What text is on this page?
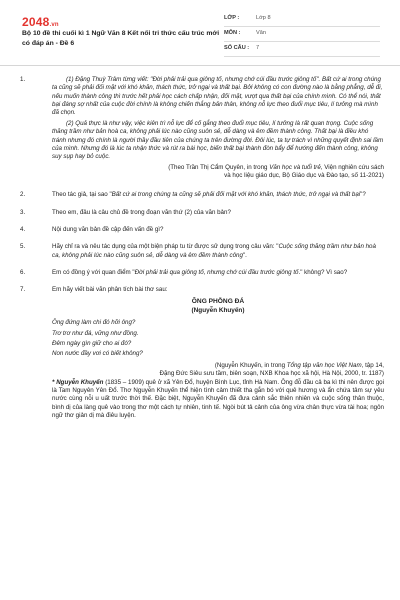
2048.vn
Bộ 10 đề thi cuối kì 1 Ngữ Văn 8 Kết nối tri thức cấu trúc mới có đáp án - Đề 6
LỚP :	Lớp 8
MÔN :	Văn
SỐ CÂU :	7
1.	(1) Đặng Thuỳ Trâm từng viết: "Đời phải trải qua giông tố, nhưng chớ cúi đầu trước giông tố". Bất cứ ai trong chúng ta cũng sẽ phải đối mặt với khó khăn, thách thức, trở ngại và thất bại. Bởi không có con đường nào là bằng phẳng, dễ đi, nếu muốn thành công thì trước hết phải học cách chấp nhận, đối mặt, vượt qua thất bại của chính mình. Có thể nói, thất bại đáng sợ nhất của cuộc đời chính là không chiến thắng bản thân, không nỗ lực theo đuổi mục tiêu, lí tưởng mà mình đã chọn.
(2) Quả thực là như vậy, việc kiên trì nỗ lực để cố gắng theo đuổi mục tiêu, lí tưởng là rất quan trọng. Cuộc sống thăng trầm như bản hoà ca, không phải lúc nào cũng suôn sẻ, dễ dàng và êm đềm thành công. Thất bại là điều khó tránh nhưng đó chính là người thầy đầu tiên của chúng ta trên đường đời. Đôi lúc, ta tự trách vì những quyết định sai lầm của mình. Nhưng đó là lúc ta nhận thức và rút ra bài học, biến thất bại thành đòn bẩy để hướng đến thành công, không suy sụp hay bỏ cuộc.
(Theo Trần Thị Cẩm Quyên, in trong Văn học và tuổi trẻ, Viện nghiên cứu sách
và học liệu giáo dục, Bộ Giáo dục và Đào tạo, số 11-2021)
2.	Theo tác giả, tại sao "Bất cứ ai trong chúng ta cũng sẽ phải đối mặt với khó khăn, thách thức, trở ngại và thất bại"?
3.	Theo em, đâu là câu chủ đề trong đoạn văn thứ (2) của văn bản?
4.	Nội dung văn bản đề cập đến vấn đề gì?
5.	Hãy chỉ ra và nêu tác dụng của một biện pháp tu từ được sử dụng trong câu văn: "Cuộc sống thăng trầm như bản hoà ca, không phải lúc nào cũng suôn sẻ, dễ dàng và êm đềm thành công".
6.	Em có đồng ý với quan điểm "Đời phải trải qua giông tố, nhưng chớ cúi đầu trước giông tố." không? Vì sao?
7.	Em hãy viết bài văn phân tích bài thơ sau:
ÔNG PHỖNG ĐÁ
(Nguyễn Khuyến)
Ông đứng làm chi đó hỡi ông?
Trơ trơ như đá, vững như đồng.
Đêm ngày gìn giữ cho ai đó?
Non nước đầy vơi có biết không?
(Nguyễn Khuyến, in trong Tổng tập văn học Việt Nam, tập 14,
Đặng Đức Siêu sưu tầm, biên soạn, NXB Khoa học xã hội, Hà Nội, 2000, tr. 1187)
* Nguyễn Khuyến (1835 – 1909) quê ở xã Yên Đổ, huyện Bình Lục, tỉnh Hà Nam. Ông đỗ đầu cả ba kì thi nên được gọi là Tam Nguyên Yên Đổ. Thơ Nguyễn Khuyến thể hiện tình cảm thiết tha gắn bó với quê hương và ẩn chứa tâm sự yêu nước cùng nỗi u uất trước thời thế. Đặc biệt, Nguyễn Khuyến đã đưa cảnh sắc thiên nhiên và cuộc sống thân thuộc, bình dị của làng quê vào trong thơ một cách tự nhiên, tinh tế. Ngòi bút tả cảnh của ông vừa chân thực vừa tài hoa; ngôn ngữ thơ giản dị mà điêu luyện.
